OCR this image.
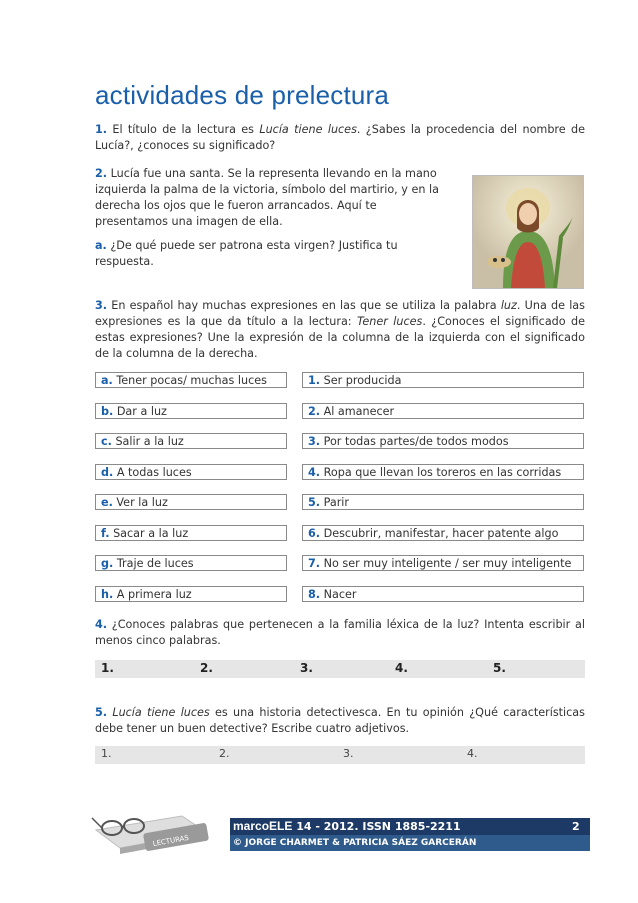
actividades de prelectura
1. El título de la lectura es Lucía tiene luces. ¿Sabes la procedencia del nombre de Lucía?, ¿conoces su significado?
2. Lucía fue una santa. Se la representa llevando en la mano izquierda la palma de la victoria, símbolo del martirio, y en la derecha los ojos que le fueron arrancados. Aquí te presentamos una imagen de ella.
a. ¿De qué puede ser patrona esta virgen? Justifica tu respuesta.
3. En español hay muchas expresiones en las que se utiliza la palabra luz. Una de las expresiones es la que da título a la lectura: Tener luces. ¿Conoces el significado de estas expresiones? Une la expresión de la columna de la izquierda con el significado de la columna de la derecha.
a. Tener pocas/ muchas luces
b. Dar a luz
c. Salir a la luz
d. A todas luces
e. Ver la luz
f. Sacar a la luz
g. Traje de luces
h. A primera luz
1. Ser producida
2. Al amanecer
3. Por todas partes/de todos modos
4. Ropa que llevan los toreros en las corridas
5. Parir
6. Descubrir, manifestar, hacer patente algo
7. No ser muy inteligente / ser muy inteligente
8. Nacer
4. ¿Conoces palabras que pertenecen a la familia léxica de la luz? Intenta escribir al menos cinco palabras.
1.	2.	3.	4.	5.
5. Lucía tiene luces es una historia detectivesca. En tu opinión ¿Qué características debe tener un buen detective? Escribe cuatro adjetivos.
1.	2.	3.	4.
LECTURAS
marcoELE 14 - 2012. ISSN 1885-2211	2
© JORGE CHARMET & PATRICIA SÁEZ GARCERÁN
